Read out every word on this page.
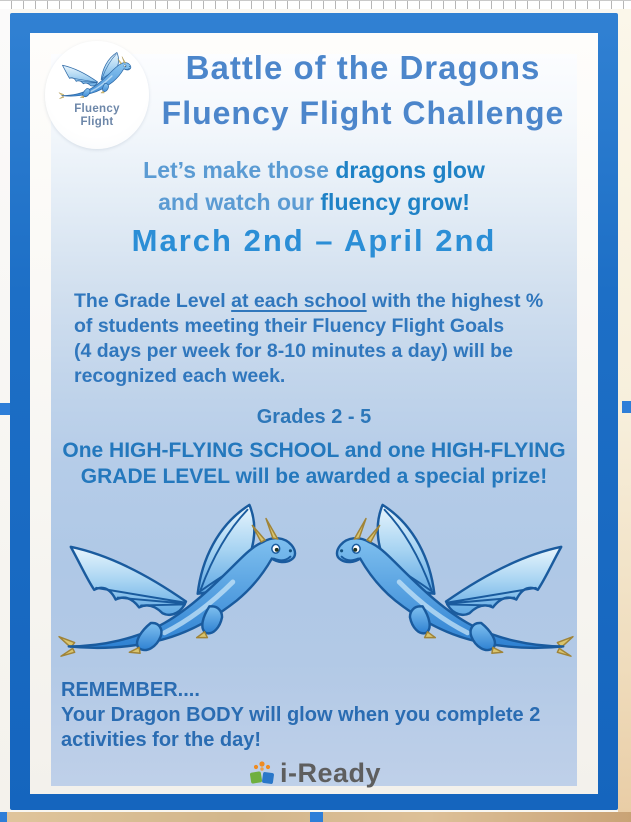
Fluency
Flight
Battle of the Dragons
Fluency Flight Challenge
Let’s make those dragons glow
and watch our fluency grow!
March 2nd – April 2nd
The Grade Level at each school with the highest %
of students meeting their Fluency Flight Goals
(4 days per week for 8-10 minutes a day) will be
recognized each week.
Grades 2 - 5
One HIGH-FLYING SCHOOL and one HIGH-FLYING
GRADE LEVEL will be awarded a special prize!
REMEMBER....
Your Dragon BODY will glow when you complete 2
activities for the day!
i-Ready
